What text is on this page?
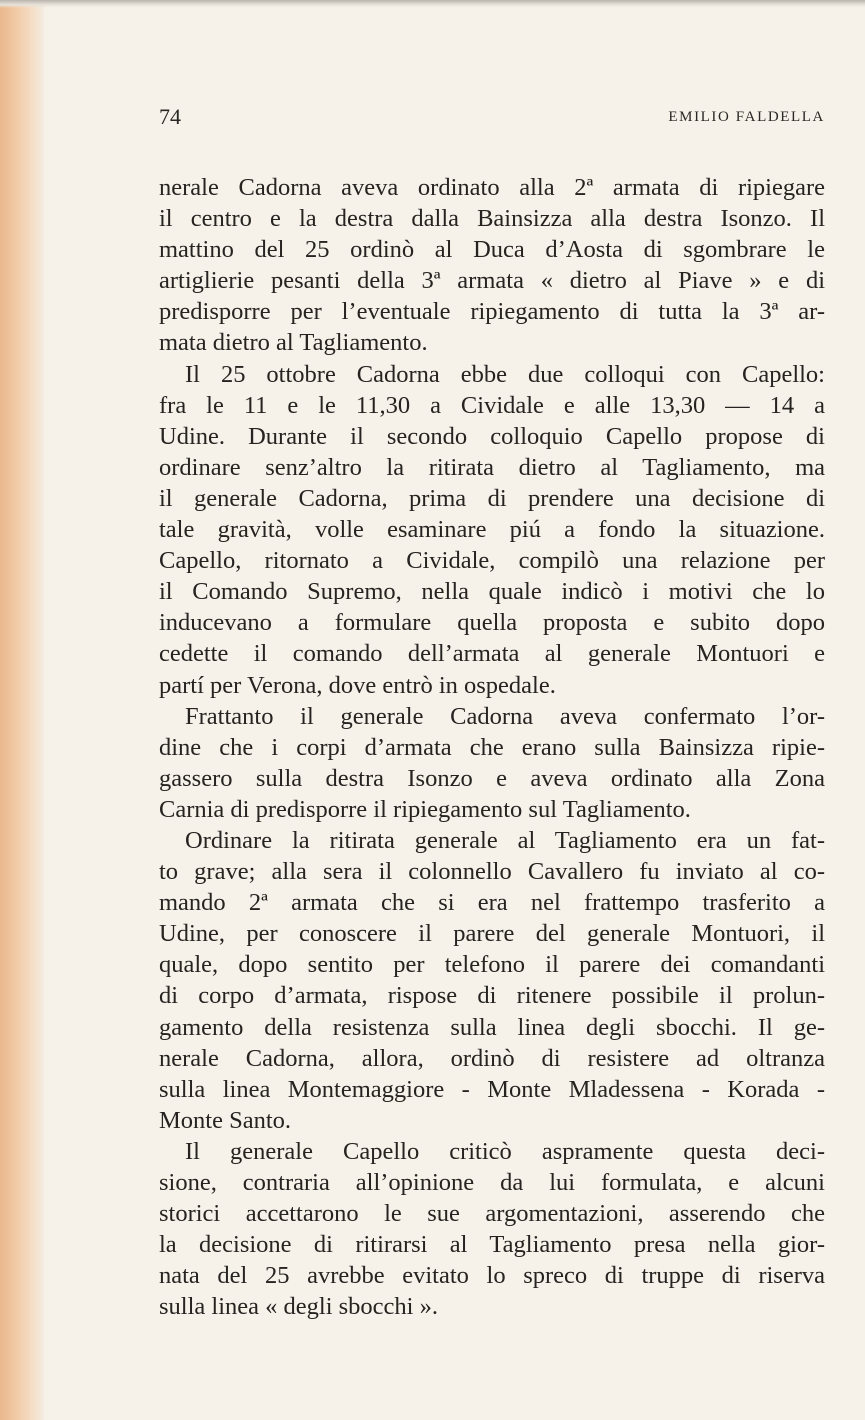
74	EMILIO FALDELLA
nerale Cadorna aveva ordinato alla 2ª armata di ripiegare
il centro e la destra dalla Bainsizza alla destra Isonzo. Il
mattino del 25 ordinò al Duca d’Aosta di sgombrare le
artiglierie pesanti della 3ª armata « dietro al Piave » e di
predisporre per l’eventuale ripiegamento di tutta la 3ª ar-
mata dietro al Tagliamento.
Il 25 ottobre Cadorna ebbe due colloqui con Capello:
fra le 11 e le 11,30 a Cividale e alle 13,30 — 14 a
Udine. Durante il secondo colloquio Capello propose di
ordinare senz’altro la ritirata dietro al Tagliamento, ma
il generale Cadorna, prima di prendere una decisione di
tale gravità, volle esaminare piú a fondo la situazione.
Capello, ritornato a Cividale, compilò una relazione per
il Comando Supremo, nella quale indicò i motivi che lo
inducevano a formulare quella proposta e subito dopo
cedette il comando dell’armata al generale Montuori e
partí per Verona, dove entrò in ospedale.
Frattanto il generale Cadorna aveva confermato l’or-
dine che i corpi d’armata che erano sulla Bainsizza ripie-
gassero sulla destra Isonzo e aveva ordinato alla Zona
Carnia di predisporre il ripiegamento sul Tagliamento.
Ordinare la ritirata generale al Tagliamento era un fat-
to grave; alla sera il colonnello Cavallero fu inviato al co-
mando 2ª armata che si era nel frattempo trasferito a
Udine, per conoscere il parere del generale Montuori, il
quale, dopo sentito per telefono il parere dei comandanti
di corpo d’armata, rispose di ritenere possibile il prolun-
gamento della resistenza sulla linea degli sbocchi. Il ge-
nerale Cadorna, allora, ordinò di resistere ad oltranza
sulla linea Montemaggiore - Monte Mladessena - Korada -
Monte Santo.
Il generale Capello criticò aspramente questa deci-
sione, contraria all’opinione da lui formulata, e alcuni
storici accettarono le sue argomentazioni, asserendo che
la decisione di ritirarsi al Tagliamento presa nella gior-
nata del 25 avrebbe evitato lo spreco di truppe di riserva
sulla linea « degli sbocchi ».
